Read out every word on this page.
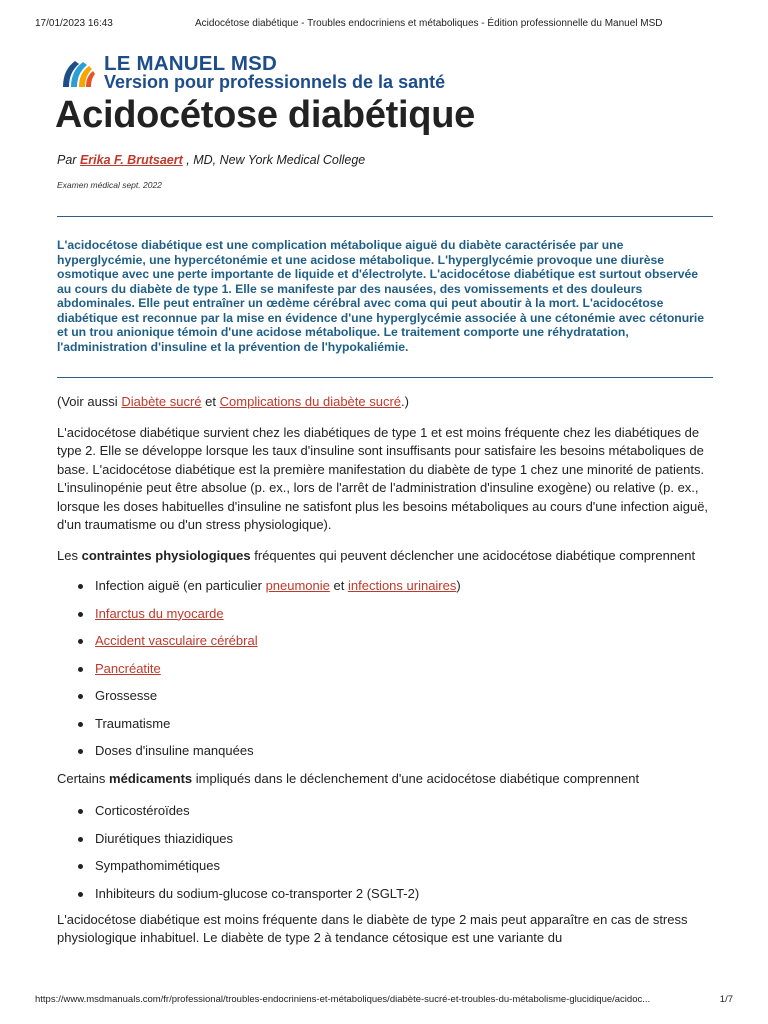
17/01/2023 16:43	Acidocétose diabétique - Troubles endocriniens et métaboliques - Édition professionnelle du Manuel MSD
LE MANUEL MSD
Version pour professionnels de la santé
Acidocétose diabétique
Par Erika F. Brutsaert , MD, New York Medical College
Examen médical sept. 2022
L'acidocétose diabétique est une complication métabolique aiguë du diabète caractérisée par une hyperglycémie, une hypercétonémie et une acidose métabolique. L'hyperglycémie provoque une diurèse osmotique avec une perte importante de liquide et d'électrolyte. L'acidocétose diabétique est surtout observée au cours du diabète de type 1. Elle se manifeste par des nausées, des vomissements et des douleurs abdominales. Elle peut entraîner un œdème cérébral avec coma qui peut aboutir à la mort. L'acidocétose diabétique est reconnue par la mise en évidence d'une hyperglycémie associée à une cétonémie avec cétonurie et un trou anionique témoin d'une acidose métabolique. Le traitement comporte une réhydratation, l'administration d'insuline et la prévention de l'hypokaliémie.

(Voir aussi Diabète sucré et Complications du diabète sucré.)

L'acidocétose diabétique survient chez les diabétiques de type 1 et est moins fréquente chez les diabétiques de type 2. Elle se développe lorsque les taux d'insuline sont insuffisants pour satisfaire les besoins métaboliques de base. L'acidocétose diabétique est la première manifestation du diabète de type 1 chez une minorité de patients. L'insulinopénie peut être absolue (p. ex., lors de l'arrêt de l'administration d'insuline exogène) ou relative (p. ex., lorsque les doses habituelles d'insuline ne satisfont plus les besoins métaboliques au cours d'une infection aiguë, d'un traumatisme ou d'un stress physiologique).

Les contraintes physiologiques fréquentes qui peuvent déclencher une acidocétose diabétique comprennent

Infection aiguë (en particulier pneumonie et infections urinaires)
Infarctus du myocarde
Accident vasculaire cérébral
Pancréatite
Grossesse
Traumatisme
Doses d'insuline manquées

Certains médicaments impliqués dans le déclenchement d'une acidocétose diabétique comprennent

Corticostéroïdes
Diurétiques thiazidiques
Sympathomimétiques
Inhibiteurs du sodium-glucose co-transporter 2 (SGLT-2)

L'acidocétose diabétique est moins fréquente dans le diabète de type 2 mais peut apparaître en cas de stress physiologique inhabituel. Le diabète de type 2 à tendance cétosique est une variante du

https://www.msdmanuals.com/fr/professional/troubles-endocriniens-et-métaboliques/diabète-sucré-et-troubles-du-métabolisme-glucidique/acidoc...	1/7
